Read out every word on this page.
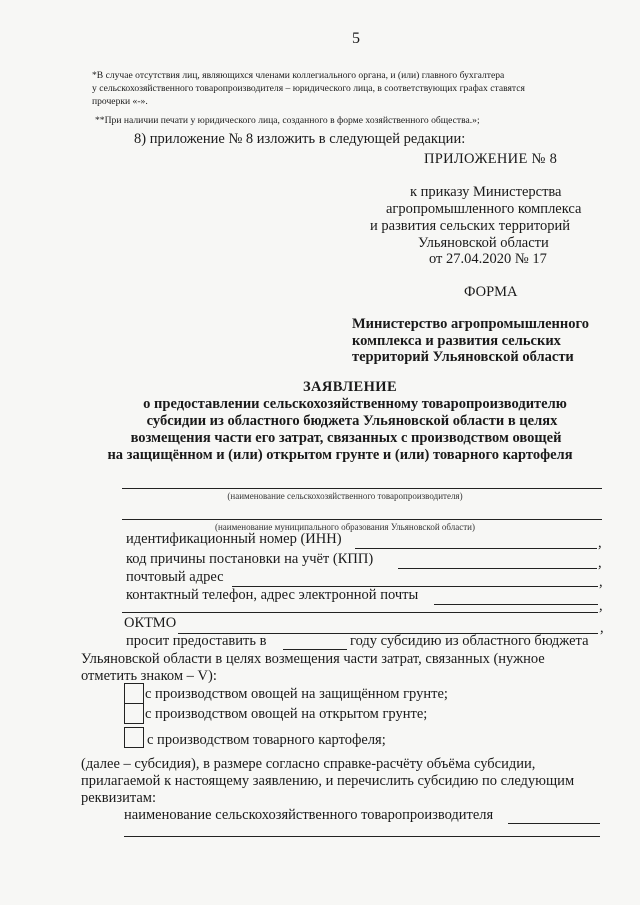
5
*В случае отсутствия лиц, являющихся членами коллегиального органа, и (или) главного бухгалтера
у сельскохозяйственного товаропроизводителя – юридического лица, в соответствующих графах ставятся
прочерки «-».
**При наличии печати у юридического лица, созданного в форме хозяйственного общества.»;
8) приложение № 8 изложить в следующей редакции:
ПРИЛОЖЕНИЕ № 8
к приказу Министерства
агропромышленного комплекса
и развития сельских территорий
Ульяновской области
от 27.04.2020 № 17
ФОРМА
Министерство агропромышленного
комплекса и развития сельских
территорий Ульяновской области
ЗАЯВЛЕНИЕ
о предоставлении сельскохозяйственному товаропроизводителю
субсидии из областного бюджета Ульяновской области в целях
возмещения части его затрат, связанных с производством овощей
на защищённом и (или) открытом грунте и (или) товарного картофеля
(наименование сельскохозяйственного товаропроизводителя)
(наименование муниципального образования Ульяновской области)
идентификационный номер (ИНН)	,
код причины постановки на учёт (КПП)	,
почтовый адрес	,
контактный телефон, адрес электронной почты
,
ОКТМО	,
просит предоставить в	году субсидию из областного бюджета
Ульяновской области в целях возмещения части затрат, связанных (нужное
отметить знаком – V):
с производством овощей на защищённом грунте;
с производством овощей на открытом грунте;
с производством товарного картофеля;
(далее – субсидия), в размере согласно справке-расчёту объёма субсидии,
прилагаемой к настоящему заявлению, и перечислить субсидию по следующим
реквизитам:
наименование сельскохозяйственного товаропроизводителя
